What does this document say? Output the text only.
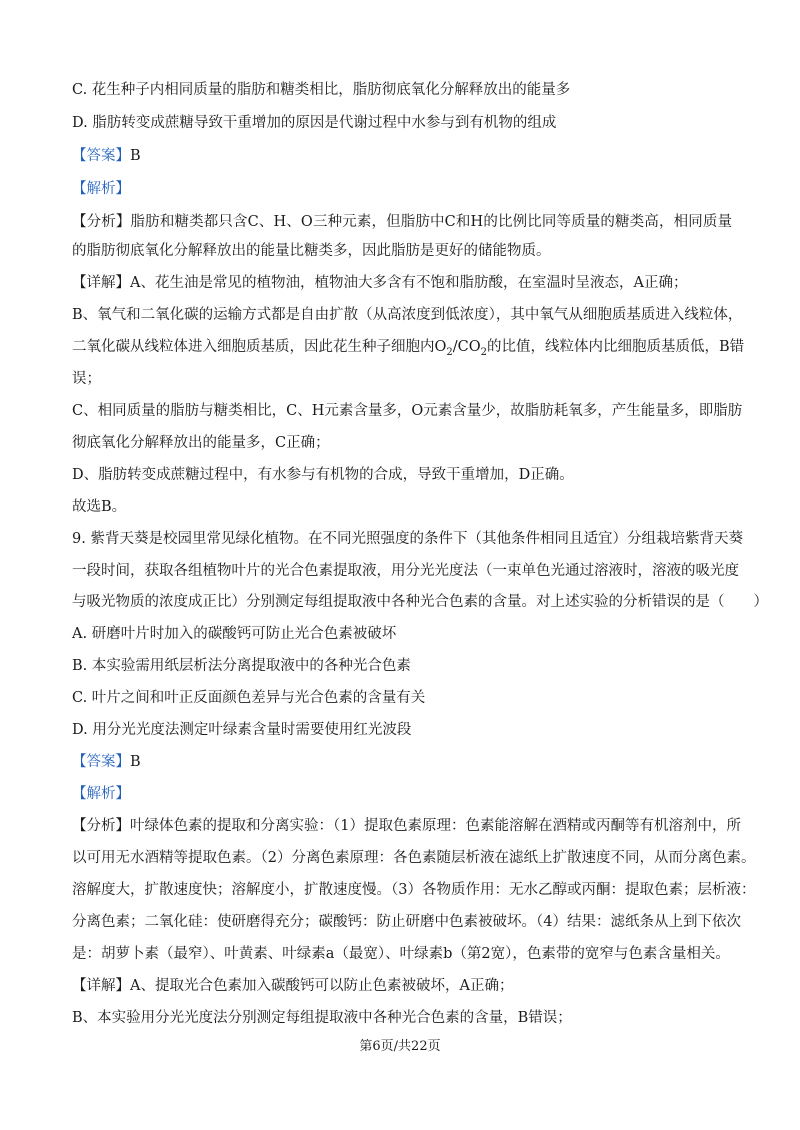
C. 花生种子内相同质量的脂肪和糖类相比，脂肪彻底氧化分解释放出的能量多
D. 脂肪转变成蔗糖导致干重增加的原因是代谢过程中水参与到有机物的组成
【答案】B
【解析】
【分析】脂肪和糖类都只含C、H、O三种元素，但脂肪中C和H的比例比同等质量的糖类高，相同质量
的脂肪彻底氧化分解释放出的能量比糖类多，因此脂肪是更好的储能物质。
【详解】A、花生油是常见的植物油，植物油大多含有不饱和脂肪酸，在室温时呈液态，A正确；
B、氧气和二氧化碳的运输方式都是自由扩散（从高浓度到低浓度），其中氧气从细胞质基质进入线粒体，
二氧化碳从线粒体进入细胞质基质，因此花生种子细胞内$O_2/CO_2$的比值，线粒体内比细胞质基质低，B错
误；
C、相同质量的脂肪与糖类相比，C、H元素含量多，O元素含量少，故脂肪耗氧多，产生能量多，即脂肪
彻底氧化分解释放出的能量多，C正确；
D、脂肪转变成蔗糖过程中，有水参与有机物的合成，导致干重增加，D正确。
故选B。
9. 紫背天葵是校园里常见绿化植物。在不同光照强度的条件下（其他条件相同且适宜）分组栽培紫背天葵
一段时间，获取各组植物叶片的光合色素提取液，用分光光度法（一束单色光通过溶液时，溶液的吸光度
与吸光物质的浓度成正比）分别测定每组提取液中各种光合色素的含量。对上述实验的分析错误的是（　　）
A. 研磨叶片时加入的碳酸钙可防止光合色素被破坏
B. 本实验需用纸层析法分离提取液中的各种光合色素
C. 叶片之间和叶正反面颜色差异与光合色素的含量有关
D. 用分光光度法测定叶绿素含量时需要使用红光波段
【答案】B
【解析】
【分析】叶绿体色素的提取和分离实验：（1）提取色素原理：色素能溶解在酒精或丙酮等有机溶剂中，所
以可用无水酒精等提取色素。（2）分离色素原理：各色素随层析液在滤纸上扩散速度不同，从而分离色素。
溶解度大，扩散速度快；溶解度小，扩散速度慢。（3）各物质作用：无水乙醇或丙酮：提取色素；层析液：
分离色素；二氧化硅：使研磨得充分；碳酸钙：防止研磨中色素被破坏。（4）结果：滤纸条从上到下依次
是：胡萝卜素（最窄）、叶黄素、叶绿素a（最宽）、叶绿素b（第2宽），色素带的宽窄与色素含量相关。
【详解】A、提取光合色素加入碳酸钙可以防止色素被破坏，A正确；
B、本实验用分光光度法分别测定每组提取液中各种光合色素的含量，B错误；
第6页/共22页
